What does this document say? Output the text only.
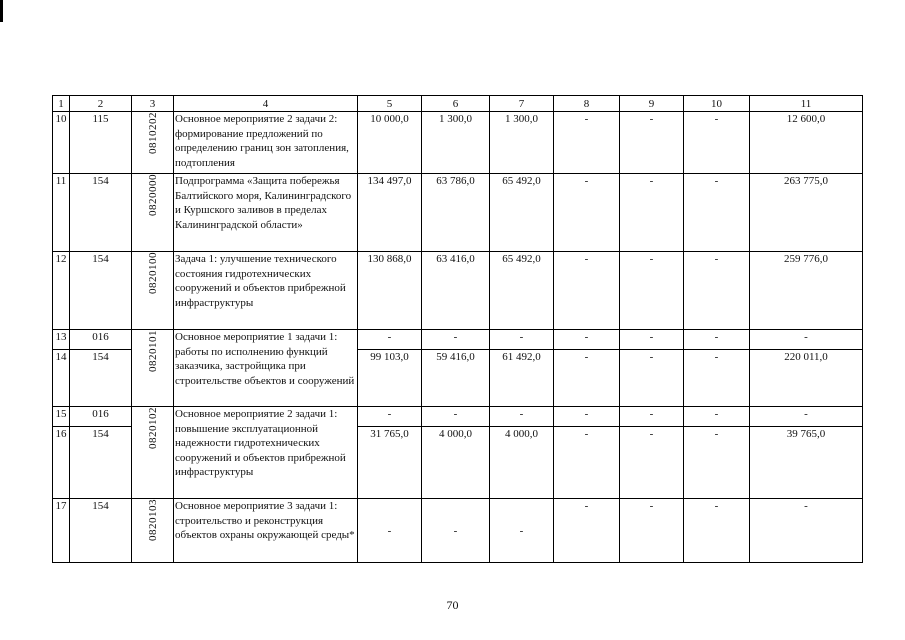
1	2	3	4	5	6	7	8	9	10	11
10	115	0810202	Основное мероприятие 2 задачи 2: формирование предложений по определению границ зон затопления, подтопления	10 000,0	1 300,0	1 300,0	-	-	-	12 600,0
11	154	0820000	Подпрограмма «Защита побережья Балтийского моря, Калининградского и Куршского заливов в пределах Калининградской области»	134 497,0	63 786,0	65 492,0	-	-	-	263 775,0
12	154	0820100	Задача 1: улучшение технического состояния гидротехнических сооружений и объектов прибрежной инфраструктуры	130 868,0	63 416,0	65 492,0	-	-	-	259 776,0
13	016	0820101	Основное мероприятие 1 задачи 1: работы по исполнению функций заказчика, застройщика при строительстве объектов и сооружений	-	-	-	-	-	-	-
14	154			99 103,0	59 416,0	61 492,0	-	-	-	220 011,0
15	016	0820102	Основное мероприятие 2 задачи 1: повышение эксплуатационной надежности гидротехнических сооружений и объектов прибрежной инфраструктуры	-	-	-	-	-	-	-
16	154			31 765,0	4 000,0	4 000,0	-	-	-	39 765,0
17	154	0820103	Основное мероприятие 3 задачи 1: строительство и реконструкция объектов охраны окружающей среды*	-	-	-	-	-	-	-
70
